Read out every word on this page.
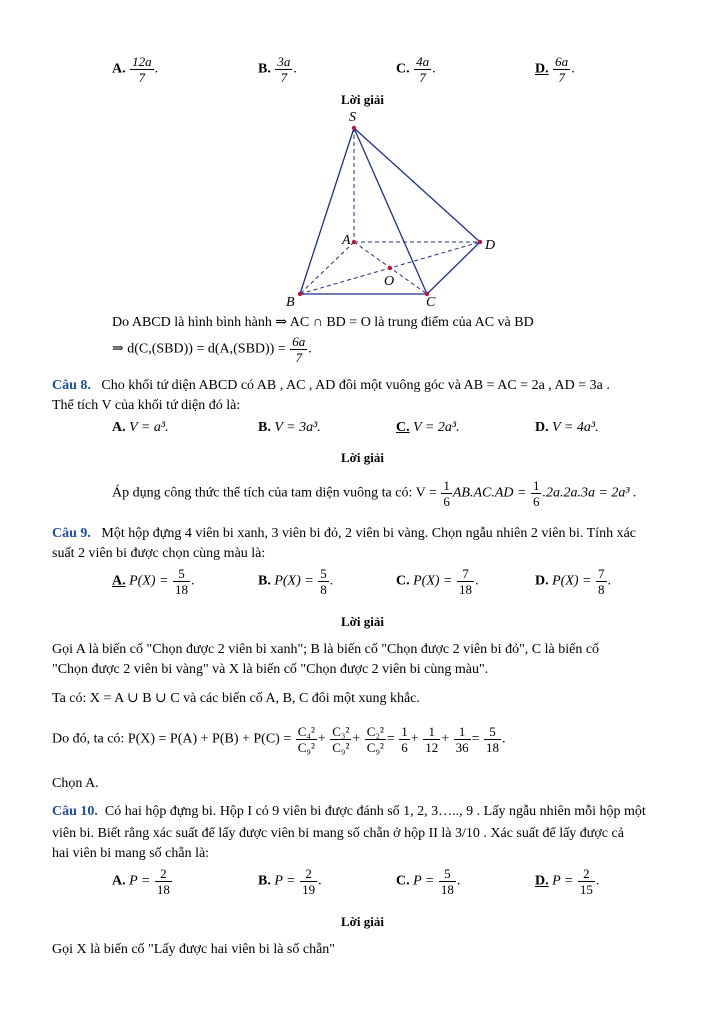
A. $\frac{12a}{7}$ .	B. $\frac{3a}{7}$ .	C. $\frac{4a}{7}$ .	D. $\frac{6a}{7}$ .
Lời giải
S
A
B	C
D
O
Do ABCD là hình bình hành ⇒ AC ∩ BD = O là trung điểm của AC và BD
⇒ $d(C,(SBD)) = d(A,(SBD)) = \frac{6a}{7}$ .
Câu 8. Cho khối tứ diện ABCD có AB , AC , AD đôi một vuông góc và AB = AC = 2a , AD = 3a .
Thể tích V của khối tứ diện đó là:
A. V = a³.	B. V = 3a³.	C. V = 2a³.	D. V = 4a³.
Lời giải
Áp dụng công thức thể tích của tam diện vuông ta có: $V = \frac{1}{6} AB.AC.AD = \frac{1}{6} .2a.2a.3a = 2a^3$ .
Câu 9. Một hộp đựng 4 viên bi xanh, 3 viên bi đỏ, 2 viên bi vàng. Chọn ngẫu nhiên 2 viên bi. Tính xác
suất 2 viên bi được chọn cùng màu là:
A. $P(X) = \frac{5}{18}$ .	B. $P(X) = \frac{5}{8}$ .	C. $P(X) = \frac{7}{18}$ .	D. $P(X) = \frac{7}{8}$ .
Lời giải
Gọi A là biến cố "Chọn được 2 viên bi xanh"; B là biến cố "Chọn được 2 viên bi đỏ", C là biến cố
"Chọn được 2 viên bi vàng" và X là biến cố "Chọn được 2 viên bi cùng màu".
Ta có: X = A ∪ B ∪ C và các biến cố A, B, C đôi một xung khắc.
Do đó, ta có: $P(X) = P(A) + P(B) + P(C) = \frac{\text{C₄²}}{\text{C₉²}} + \frac{\text{C₃²}}{\text{C₉²}} + \frac{\text{C₂²}}{\text{C₉²}} = \frac{1}{6} + \frac{1}{12} + \frac{1}{36} = \frac{5}{18}$ .
Chọn A.
Câu 10. Có hai hộp đựng bi. Hộp I có 9 viên bi được đánh số 1, 2, 3….., 9 . Lấy ngẫu nhiên mỗi hộp một
viên bi. Biết rằng xác suất để lấy được viên bi mang số chẵn ở hộp II là 3/10 . Xác suất để lấy được cả
hai viên bi mang số chẵn là:
A. $P = \frac{2}{18}$	B. $P = \frac{2}{19}$ .	C. $P = \frac{5}{18}$ .	D. $P = \frac{2}{15}$ .
Lời giải
Gọi X là biến cố "Lấy được hai viên bi là số chẵn"
